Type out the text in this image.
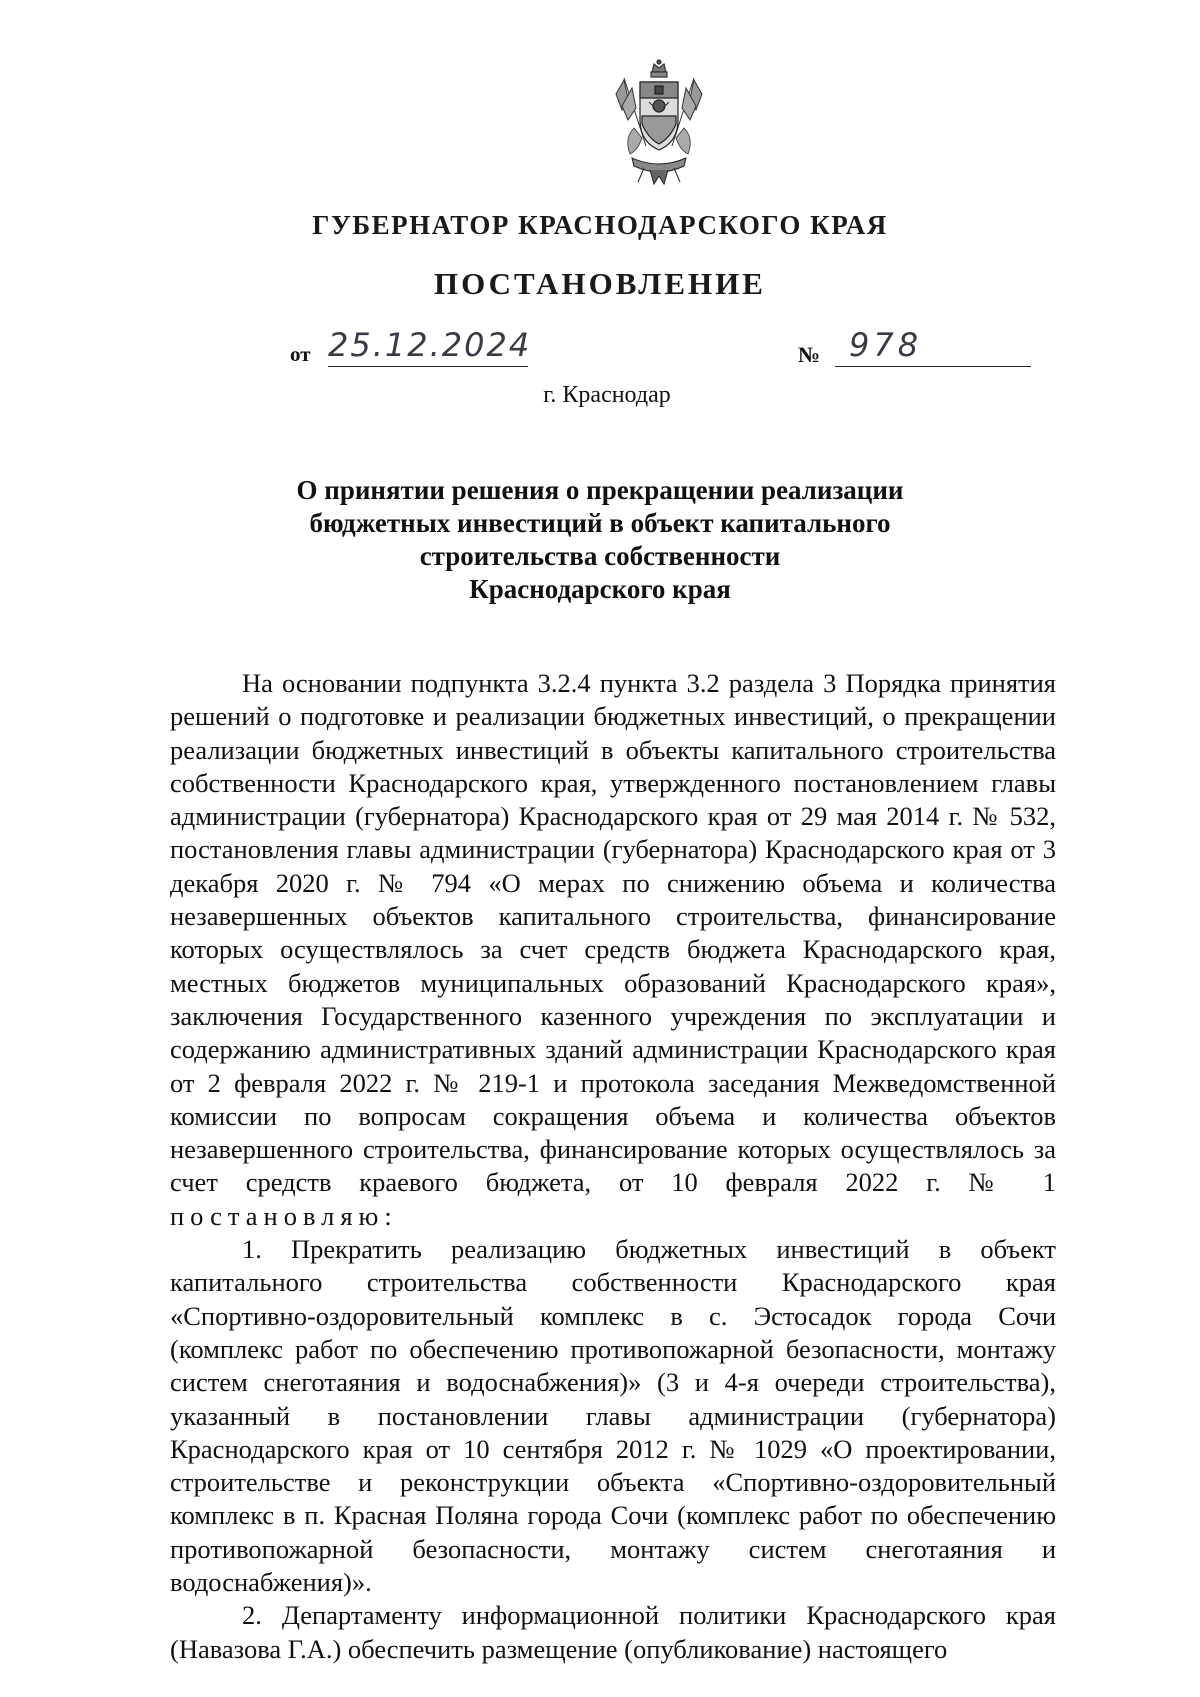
ГУБЕРНАТОР КРАСНОДАРСКОГО КРАЯ
ПОСТАНОВЛЕНИЕ
от 25.12.2024	№ 978
г. Краснодар
О принятии решения о прекращении реализации
бюджетных инвестиций в объект капитального
строительства собственности
Краснодарского края

На основании подпункта 3.2.4 пункта 3.2 раздела 3 Порядка принятия решений о подготовке и реализации бюджетных инвестиций, о прекращении реализации бюджетных инвестиций в объекты капитального строительства собственности Краснодарского края, утвержденного постановлением главы администрации (губернатора) Краснодарского края от 29 мая 2014 г. № 532, постановления главы администрации (губернатора) Краснодарского края от 3 декабря 2020 г. № 794 «О мерах по снижению объема и количества незавершенных объектов капитального строительства, финансирование которых осуществлялось за счет средств бюджета Краснодарского края, местных бюджетов муниципальных образований Краснодарского края», заключения Государственного казенного учреждения по эксплуатации и содержанию административных зданий администрации Краснодарского края от 2 февраля 2022 г. № 219-1 и протокола заседания Межведомственной комиссии по вопросам сокращения объема и количества объектов незавершенного строительства, финансирование которых осуществлялось за счет средств краевого бюджета, от 10 февраля 2022 г. № 1 постановляю:

1. Прекратить реализацию бюджетных инвестиций в объект капитального строительства собственности Краснодарского края «Спортивно-оздоровительный комплекс в с. Эстосадок города Сочи (комплекс работ по обеспечению противопожарной безопасности, монтажу систем снеготаяния и водоснабжения)» (3 и 4-я очереди строительства), указанный в постановлении главы администрации (губернатора) Краснодарского края от 10 сентября 2012 г. № 1029 «О проектировании, строительстве и реконструкции объекта «Спортивно-оздоровительный комплекс в п. Красная Поляна города Сочи (комплекс работ по обеспечению противопожарной безопасности, монтажу систем снеготаяния и водоснабжения)».

2. Департаменту информационной политики Краснодарского края (Навазова Г.А.) обеспечить размещение (опубликование) настоящего
